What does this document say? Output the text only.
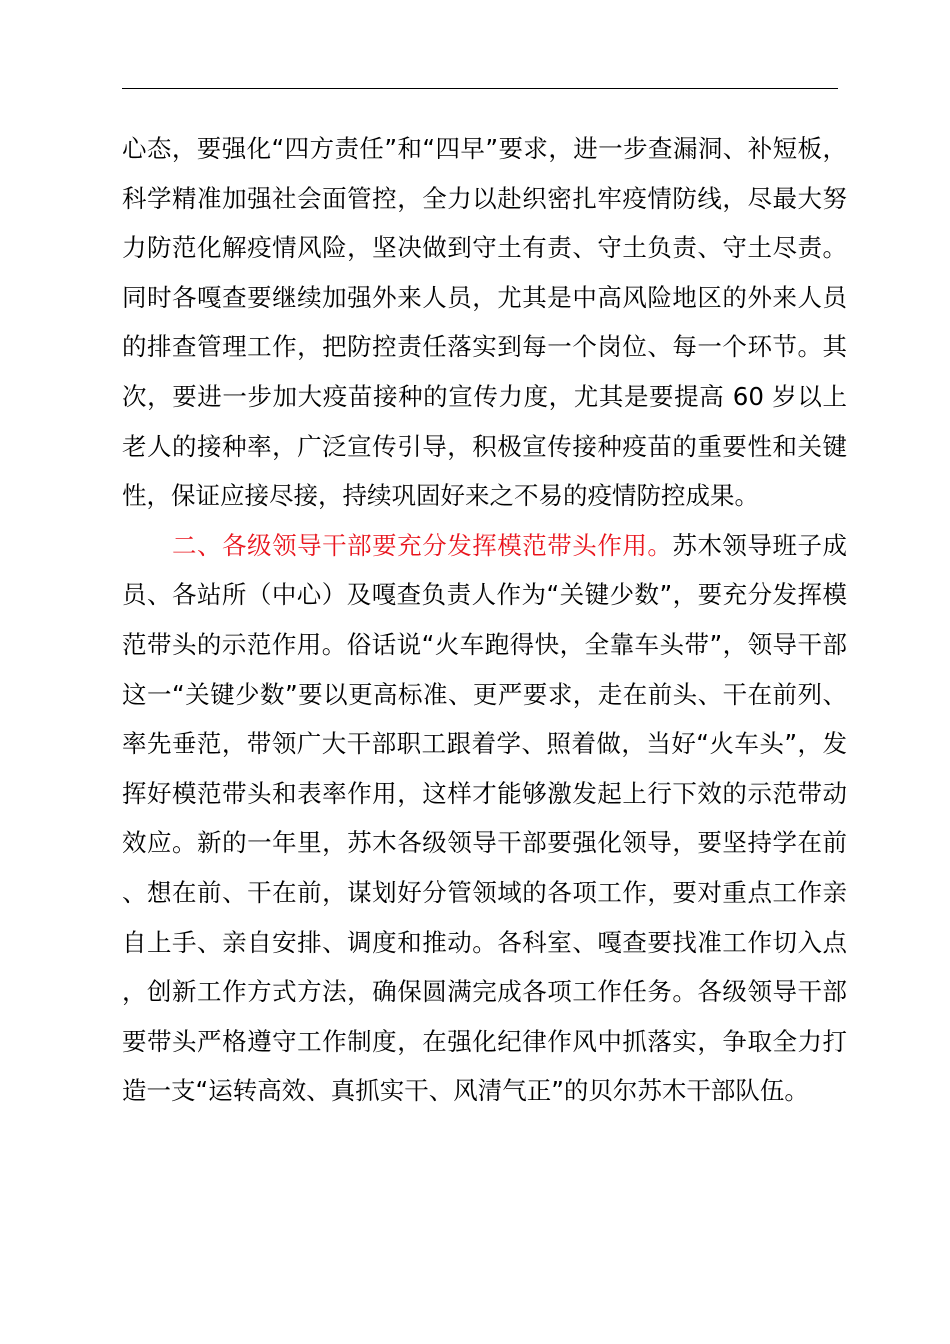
心态，要强化“四方责任”和“四早”要求，进一步查漏洞、补短板，科学精准加强社会面管控，全力以赴织密扎牢疫情防线，尽最大努力防范化解疫情风险，坚决做到守土有责、守土负责、守土尽责。同时各嘎查要继续加强外来人员，尤其是中高风险地区的外来人员的排查管理工作，把防控责任落实到每一个岗位、每一个环节。其次，要进一步加大疫苗接种的宣传力度，尤其是要提高 60 岁以上老人的接种率，广泛宣传引导，积极宣传接种疫苗的重要性和关键性，保证应接尽接，持续巩固好来之不易的疫情防控成果。

二、各级领导干部要充分发挥模范带头作用。苏木领导班子成员、各站所（中心）及嘎查负责人作为“关键少数”，要充分发挥模范带头的示范作用。俗话说“火车跑得快，全靠车头带”，领导干部这一“关键少数”要以更高标准、更严要求，走在前头、干在前列、率先垂范，带领广大干部职工跟着学、照着做，当好“火车头”，发挥好模范带头和表率作用，这样才能够激发起上行下效的示范带动效应。新的一年里，苏木各级领导干部要强化领导，要坚持学在前、想在前、干在前，谋划好分管领域的各项工作，要对重点工作亲自上手、亲自安排、调度和推动。各科室、嘎查要找准工作切入点，创新工作方式方法，确保圆满完成各项工作任务。各级领导干部要带头严格遵守工作制度，在强化纪律作风中抓落实，争取全力打造一支“运转高效、真抓实干、风清气正”的贝尔苏木干部队伍。
